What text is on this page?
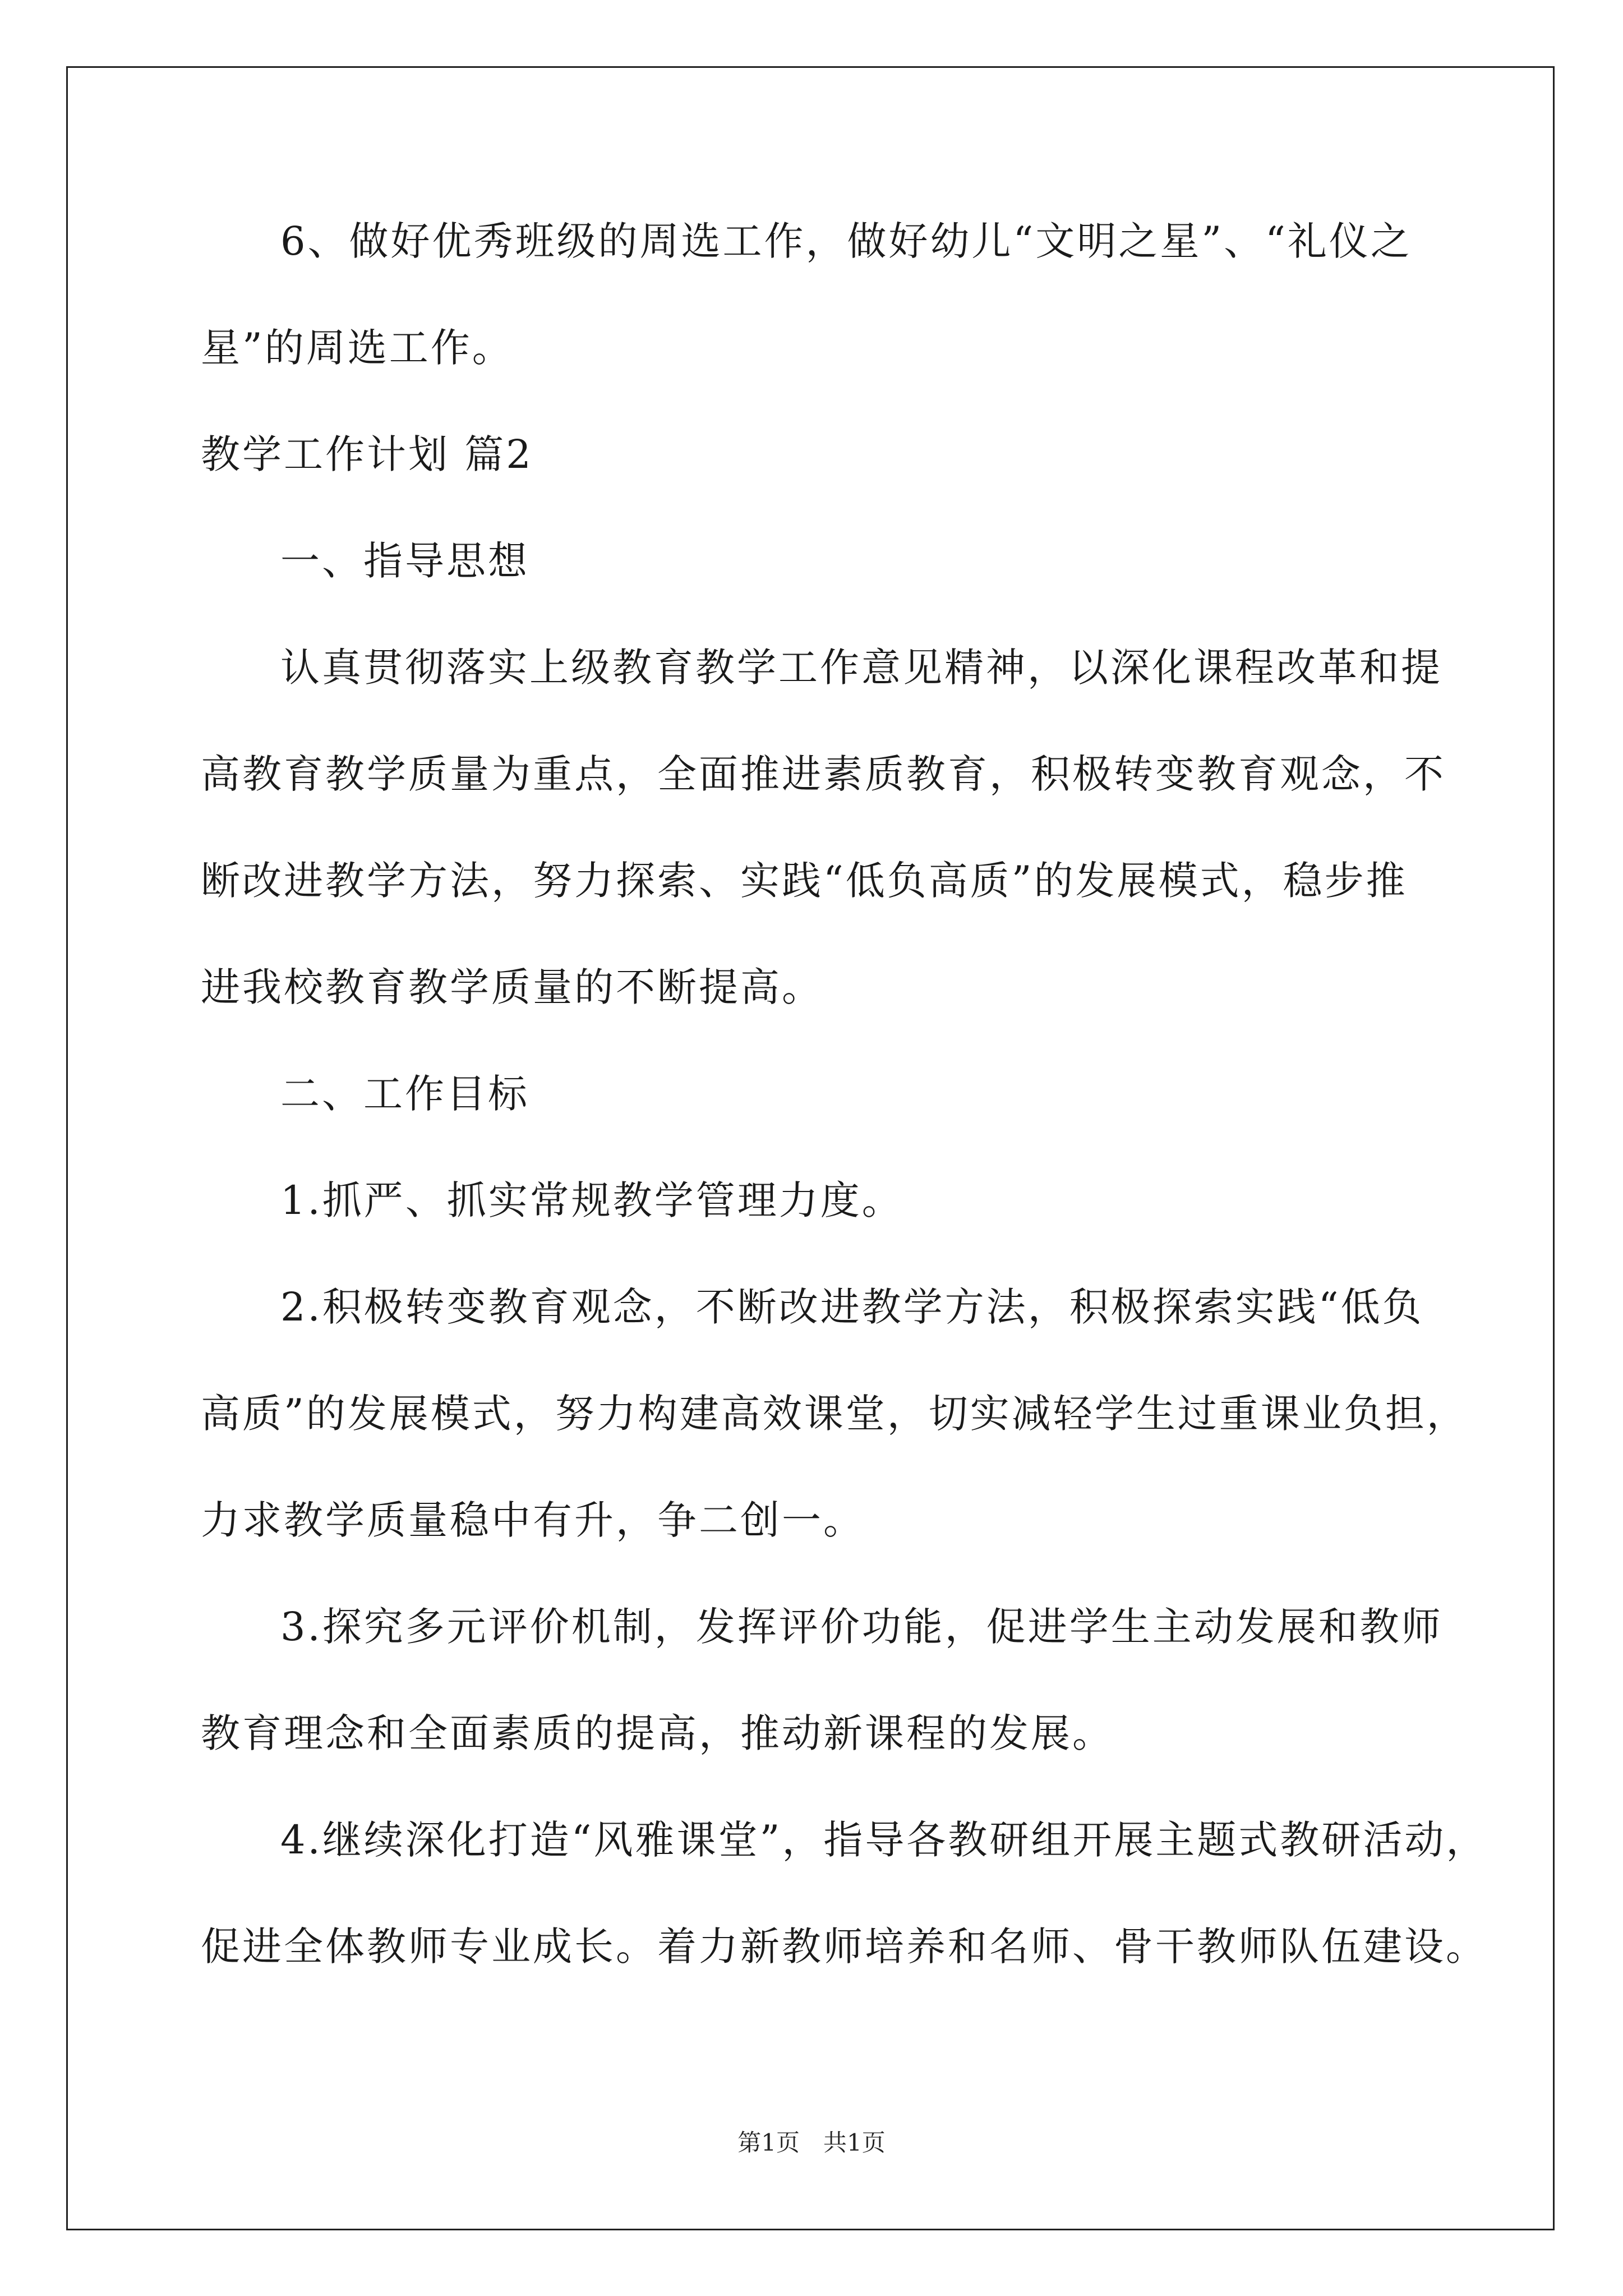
6、做好优秀班级的周选工作，做好幼儿“文明之星”、“礼仪之
星”的周选工作。
教学工作计划 篇2
一、指导思想
认真贯彻落实上级教育教学工作意见精神，以深化课程改革和提
高教育教学质量为重点，全面推进素质教育，积极转变教育观念，不
断改进教学方法，努力探索、实践“低负高质”的发展模式，稳步推
进我校教育教学质量的不断提高。
二、工作目标
1.抓严、抓实常规教学管理力度。
2.积极转变教育观念，不断改进教学方法，积极探索实践“低负
高质”的发展模式，努力构建高效课堂，切实减轻学生过重课业负担，
力求教学质量稳中有升，争二创一。
3.探究多元评价机制，发挥评价功能，促进学生主动发展和教师
教育理念和全面素质的提高，推动新课程的发展。
4.继续深化打造“风雅课堂”，指导各教研组开展主题式教研活动，
促进全体教师专业成长。着力新教师培养和名师、骨干教师队伍建设。
第1页　共1页
